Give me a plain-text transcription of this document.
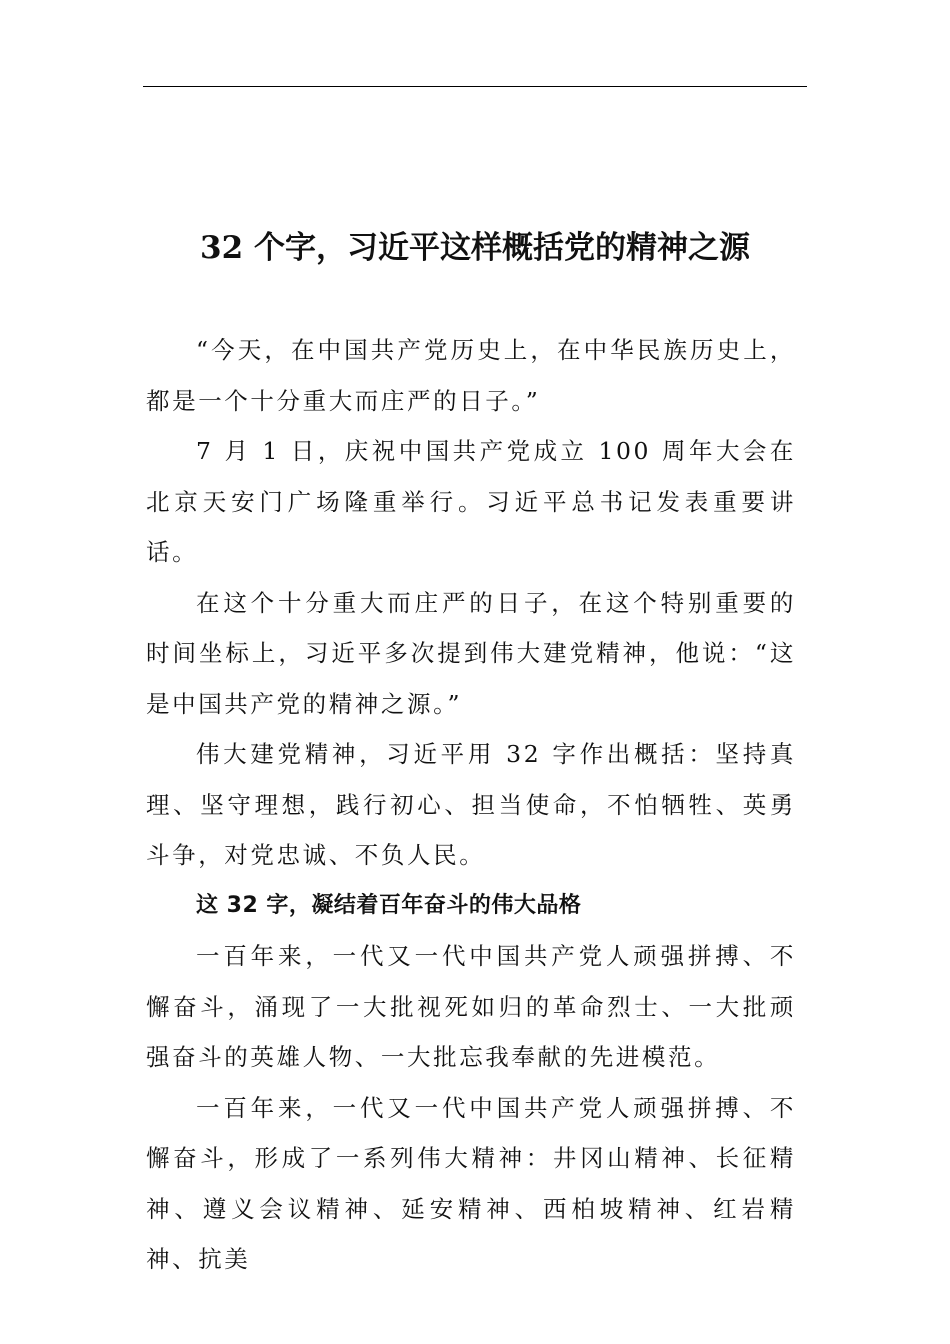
32 个字，习近平这样概括党的精神之源

“今天，在中国共产党历史上，在中华民族历史上，都是一个十分重大而庄严的日子。”

7 月 1 日，庆祝中国共产党成立 100 周年大会在北京天安门广场隆重举行。习近平总书记发表重要讲话。

在这个十分重大而庄严的日子，在这个特别重要的时间坐标上，习近平多次提到伟大建党精神，他说：“这是中国共产党的精神之源。”

伟大建党精神，习近平用 32 字作出概括：坚持真理、坚守理想，践行初心、担当使命，不怕牺牲、英勇斗争，对党忠诚、不负人民。

这 32 字，凝结着百年奋斗的伟大品格

一百年来，一代又一代中国共产党人顽强拼搏、不懈奋斗，涌现了一大批视死如归的革命烈士、一大批顽强奋斗的英雄人物、一大批忘我奉献的先进模范。

一百年来，一代又一代中国共产党人顽强拼搏、不懈奋斗，形成了一系列伟大精神：井冈山精神、长征精神、遵义会议精神、延安精神、西柏坡精神、红岩精神、抗美
